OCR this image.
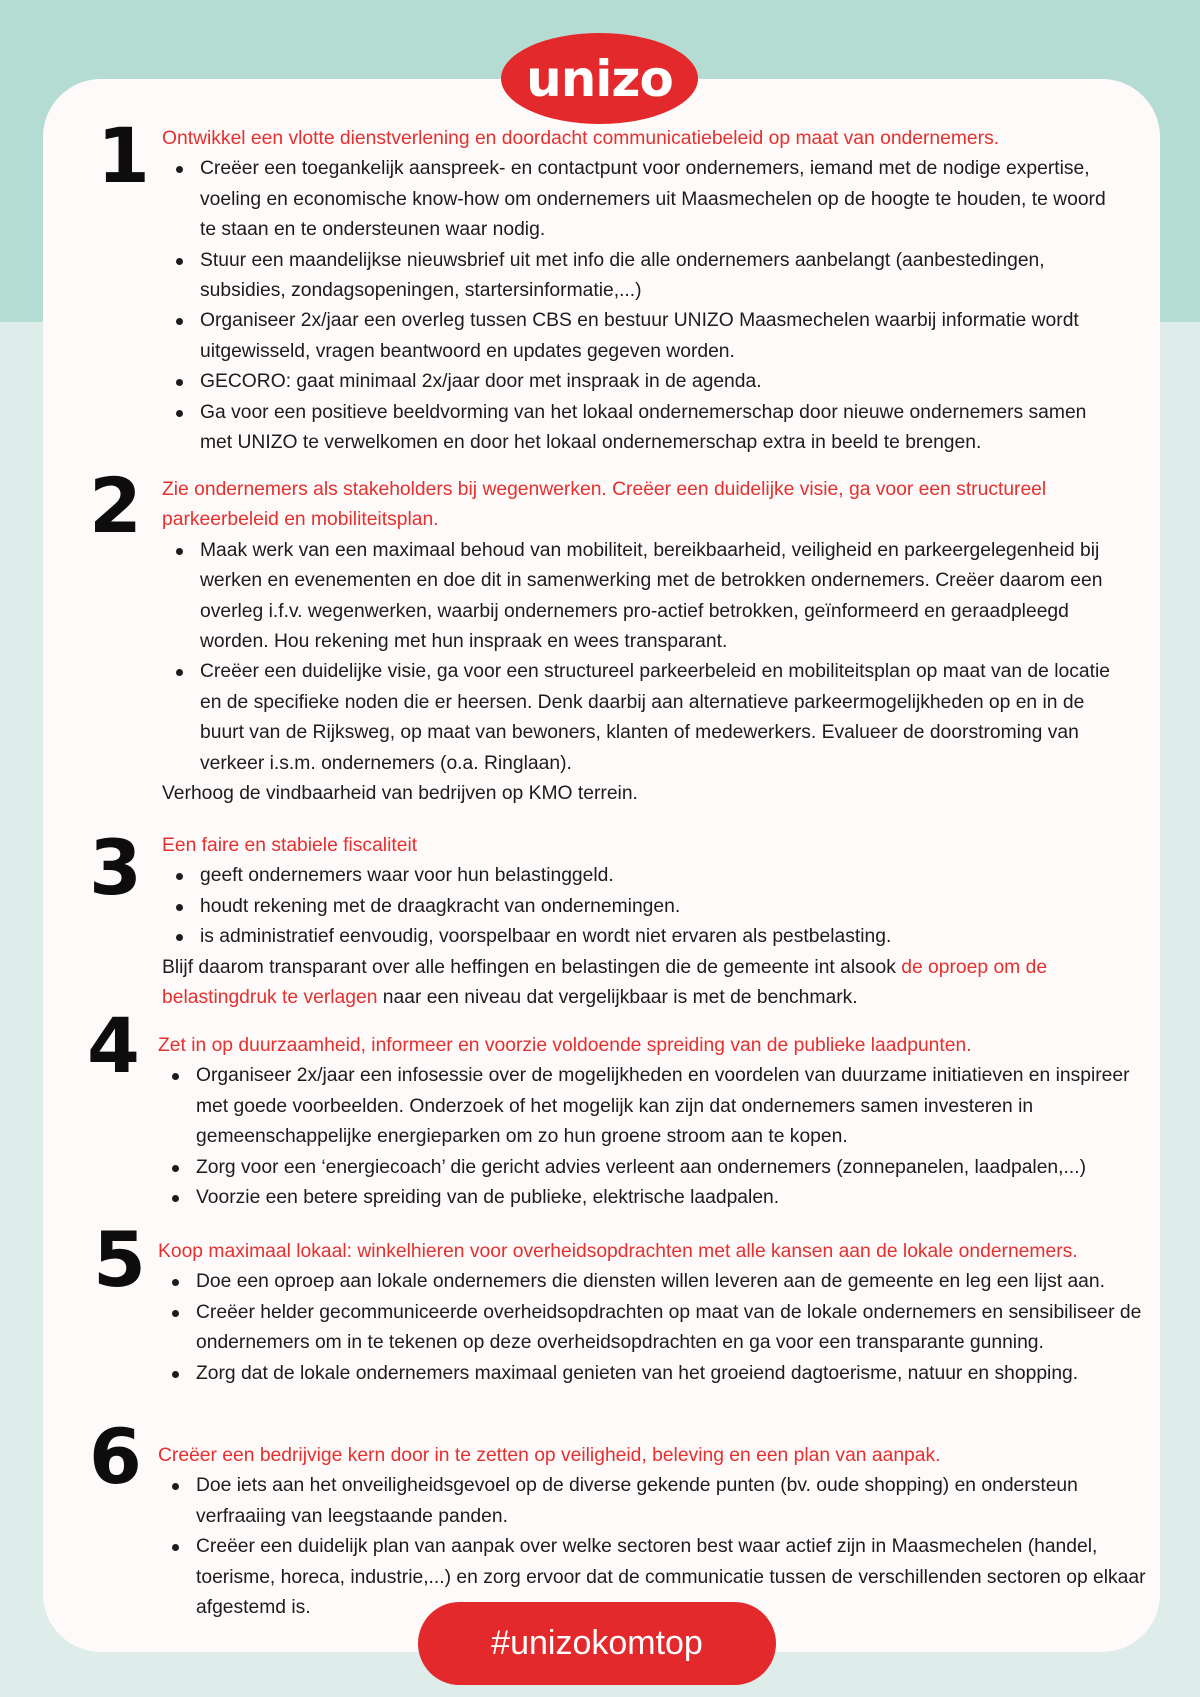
unizo
1 Ontwikkel een vlotte dienstverlening en doordacht communicatiebeleid op maat van ondernemers.

Creëer een toegankelijk aanspreek- en contactpunt voor ondernemers, iemand met de nodige expertise, voeling en economische know-how om ondernemers uit Maasmechelen op de hoogte te houden, te woord te staan en te ondersteunen waar nodig.
Stuur een maandelijkse nieuwsbrief uit met info die alle ondernemers aanbelangt (aanbestedingen, subsidies, zondagsopeningen, startersinformatie,...)
Organiseer 2x/jaar een overleg tussen CBS en bestuur UNIZO Maasmechelen waarbij informatie wordt uitgewisseld, vragen beantwoord en updates gegeven worden.
GECORO: gaat minimaal 2x/jaar door met inspraak in de agenda.
Ga voor een positieve beeldvorming van het lokaal ondernemerschap door nieuwe ondernemers samen met UNIZO te verwelkomen en door het lokaal ondernemerschap extra in beeld te brengen.
2 Zie ondernemers als stakeholders bij wegenwerken. Creëer een duidelijke visie, ga voor een structureel parkeerbeleid en mobiliteitsplan.

Maak werk van een maximaal behoud van mobiliteit, bereikbaarheid, veiligheid en parkeergelegenheid bij werken en evenementen en doe dit in samenwerking met de betrokken ondernemers. Creëer daarom een overleg i.f.v. wegenwerken, waarbij ondernemers pro-actief betrokken, geïnformeerd en geraadpleegd worden. Hou rekening met hun inspraak en wees transparant.
Creëer een duidelijke visie, ga voor een structureel parkeerbeleid en mobiliteitsplan op maat van de locatie en de specifieke noden die er heersen. Denk daarbij aan alternatieve parkeermogelijkheden op en in de buurt van de Rijksweg, op maat van bewoners, klanten of medewerkers. Evalueer de doorstroming van verkeer i.s.m. ondernemers (o.a. Ringlaan).

Verhoog de vindbaarheid van bedrijven op KMO terrein.

3 Een faire en stabiele fiscaliteit

geeft ondernemers waar voor hun belastinggeld.
houdt rekening met de draagkracht van ondernemingen.
is administratief eenvoudig, voorspelbaar en wordt niet ervaren als pestbelasting.

Blijf daarom transparant over alle heffingen en belastingen die de gemeente int alsook de oproep om de belastingdruk te verlagen naar een niveau dat vergelijkbaar is met de benchmark.

4 Zet in op duurzaamheid, informeer en voorzie voldoende spreiding van de publieke laadpunten.

Organiseer 2x/jaar een infosessie over de mogelijkheden en voordelen van duurzame initiatieven en inspireer met goede voorbeelden. Onderzoek of het mogelijk kan zijn dat ondernemers samen investeren in gemeenschappelijke energieparken om zo hun groene stroom aan te kopen.
Zorg voor een ‘energiecoach’ die gericht advies verleent aan ondernemers (zonnepanelen, laadpalen,...)
Voorzie een betere spreiding van de publieke, elektrische laadpalen.
5 Koop maximaal lokaal: winkelhieren voor overheidsopdrachten met alle kansen aan de lokale ondernemers.

Doe een oproep aan lokale ondernemers die diensten willen leveren aan de gemeente en leg een lijst aan.
Creëer helder gecommuniceerde overheidsopdrachten op maat van de lokale ondernemers en sensibiliseer de ondernemers om in te tekenen op deze overheidsopdrachten en ga voor een transparante gunning.
Zorg dat de lokale ondernemers maximaal genieten van het groeiend dagtoerisme, natuur en shopping.
6 Creëer een bedrijvige kern door in te zetten op veiligheid, beleving en een plan van aanpak.

Doe iets aan het onveiligheidsgevoel op de diverse gekende punten (bv. oude shopping) en ondersteun verfraaiing van leegstaande panden.
Creëer een duidelijk plan van aanpak over welke sectoren best waar actief zijn in Maasmechelen (handel, toerisme, horeca, industrie,...) en zorg ervoor dat de communicatie tussen de verschillenden sectoren op elkaar afgestemd is.
#unizokomtop
